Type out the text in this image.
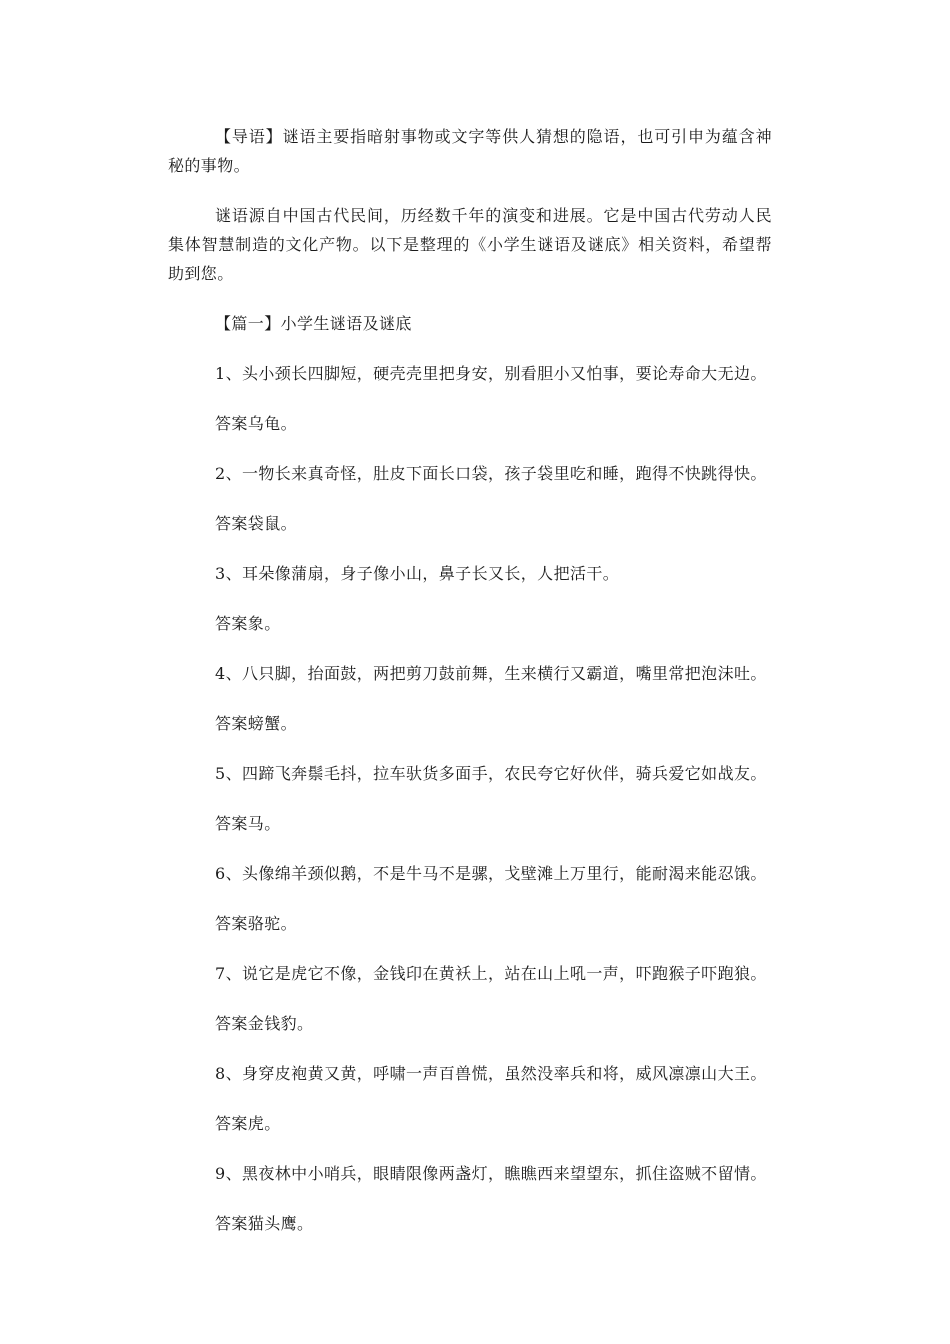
【导语】谜语主要指暗射事物或文字等供人猜想的隐语，也可引申为蕴含神秘的事物。

谜语源自中国古代民间，历经数千年的演变和进展。它是中国古代劳动人民集体智慧制造的文化产物。以下是整理的《小学生谜语及谜底》相关资料，希望帮助到您。

【篇一】小学生谜语及谜底

1、头小颈长四脚短，硬壳壳里把身安，别看胆小又怕事，要论寿命大无边。

答案乌龟。

2、一物长来真奇怪，肚皮下面长口袋，孩子袋里吃和睡，跑得不快跳得快。

答案袋鼠。

3、耳朵像蒲扇，身子像小山，鼻子长又长，人把活干。

答案象。

4、八只脚，抬面鼓，两把剪刀鼓前舞，生来横行又霸道，嘴里常把泡沫吐。

答案螃蟹。

5、四蹄飞奔鬃毛抖，拉车驮货多面手，农民夸它好伙伴，骑兵爱它如战友。

答案马。

6、头像绵羊颈似鹅，不是牛马不是骡，戈壁滩上万里行，能耐渴来能忍饿。

答案骆驼。

7、说它是虎它不像，金钱印在黄袄上，站在山上吼一声，吓跑猴子吓跑狼。

答案金钱豹。

8、身穿皮袍黄又黄，呼啸一声百兽慌，虽然没率兵和将，威风凛凛山大王。

答案虎。

9、黑夜林中小哨兵，眼睛限像两盏灯，瞧瞧西来望望东，抓住盗贼不留情。

答案猫头鹰。
